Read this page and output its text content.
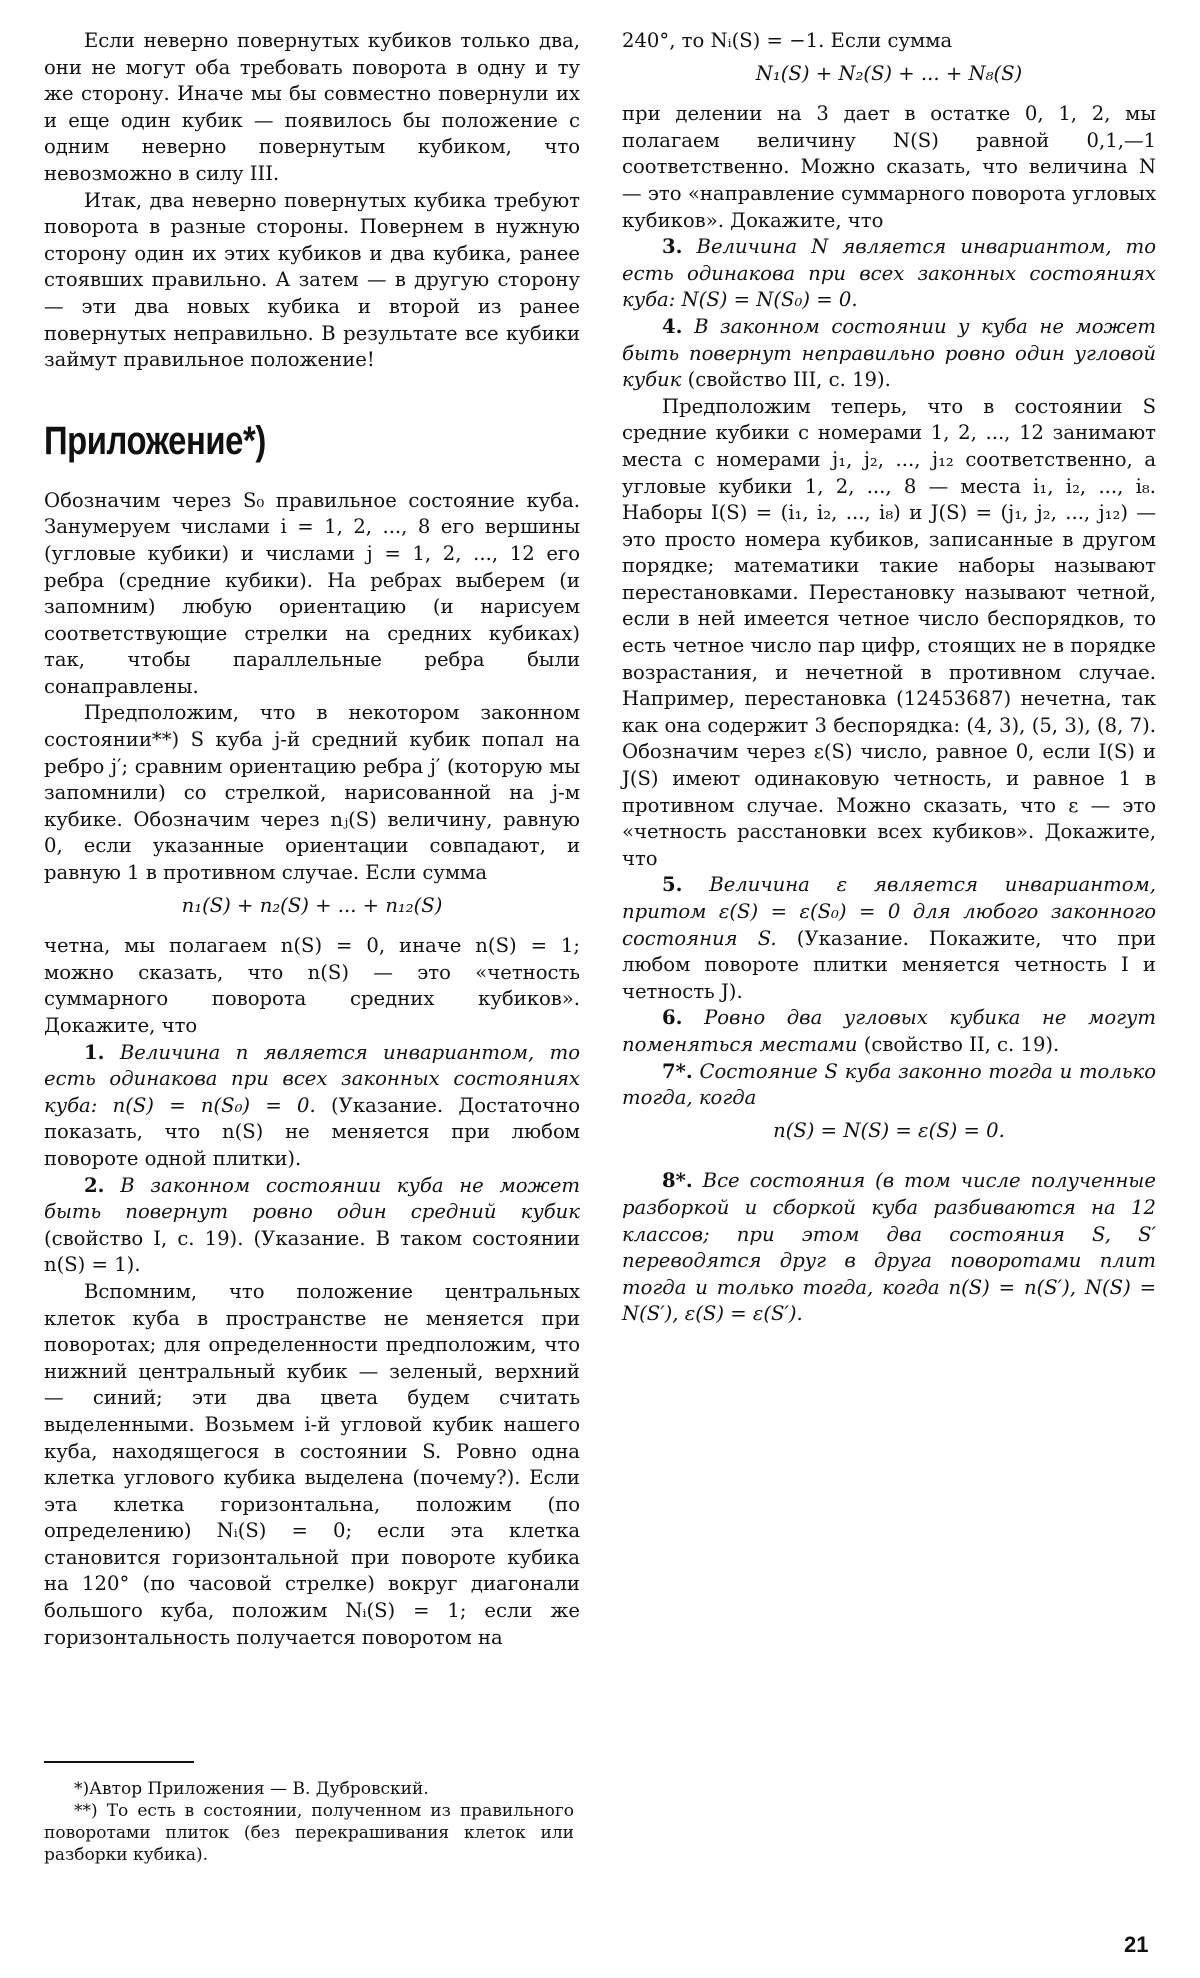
Если неверно повернутых кубиков только два, они не могут оба требовать поворота в одну и ту же сторону. Иначе мы бы совместно повернули их и еще один кубик — появилось бы положение с одним неверно повернутым кубиком, что невозможно в силу III.

Итак, два неверно повернутых кубика требуют поворота в разные стороны. Повернем в нужную сторону один их этих кубиков и два кубика, ранее стоявших правильно. А затем — в другую сторону — эти два новых кубика и второй из ранее повернутых неправильно. В результате все кубики займут правильное положение!

Приложение*)

Обозначим через S₀ правильное состояние куба. Занумеруем числами i = 1, 2, ..., 8 его вершины (угловые кубики) и числами j = 1, 2, ..., 12 его ребра (средние кубики). На ребрах выберем (и запомним) любую ориентацию (и нарисуем соответствующие стрелки на средних кубиках) так, чтобы параллельные ребра были сонаправлены.

Предположим, что в некотором законном состоянии**) S куба j-й средний кубик попал на ребро j′; сравним ориентацию ребра j′ (которую мы запомнили) со стрелкой, нарисованной на j-м кубике. Обозначим через nⱼ(S) величину, равную 0, если указанные ориентации совпадают, и равную 1 в противном случае. Если сумма

n₁(S) + n₂(S) + ... + n₁₂(S)

четна, мы полагаем n(S) = 0, иначе n(S) = 1; можно сказать, что n(S) — это «четность суммарного поворота средних кубиков». Докажите, что

1. Величина n является инвариантом, то есть одинакова при всех законных состояниях куба: n(S) = n(S₀) = 0. (Указание. Достаточно показать, что n(S) не меняется при любом повороте одной плитки).

2. В законном состоянии куба не может быть повернут ровно один средний кубик (свойство I, с. 19). (Указание. В таком состоянии n(S) = 1).

Вспомним, что положение центральных клеток куба в пространстве не меняется при поворотах; для определенности предположим, что нижний центральный кубик — зеленый, верхний — синий; эти два цвета будем считать выделенными. Возьмем i-й угловой кубик нашего куба, находящегося в состоянии S. Ровно одна клетка углового кубика выделена (почему?). Если эта клетка горизонтальна, положим (по определению) Nᵢ(S) = 0; если эта клетка становится горизонтальной при повороте кубика на 120° (по часовой стрелке) вокруг диагонали большого куба, положим Nᵢ(S) = 1; если же горизонтальность получается поворотом на

240°, то Nᵢ(S) = −1. Если сумма

N₁(S) + N₂(S) + ... + N₈(S)

при делении на 3 дает в остатке 0, 1, 2, мы полагаем величину N(S) равной 0,1,—1 соответственно. Можно сказать, что величина N — это «направление суммарного поворота угловых кубиков». Докажите, что

3. Величина N является инвариантом, то есть одинакова при всех законных состояниях куба: N(S) = N(S₀) = 0.

4. В законном состоянии у куба не может быть повернут неправильно ровно один угловой кубик (свойство III, с. 19).

Предположим теперь, что в состоянии S средние кубики с номерами 1, 2, ..., 12 занимают места с номерами j₁, j₂, ..., j₁₂ соответственно, а угловые кубики 1, 2, ..., 8 — места i₁, i₂, ..., i₈. Наборы I(S) = (i₁, i₂, ..., i₈) и J(S) = (j₁, j₂, ..., j₁₂) — это просто номера кубиков, записанные в другом порядке; математики такие наборы называют перестановками. Перестановку называют четной, если в ней имеется четное число беспорядков, то есть четное число пар цифр, стоящих не в порядке возрастания, и нечетной в противном случае. Например, перестановка (12453687) нечетна, так как она содержит 3 беспорядка: (4, 3), (5, 3), (8, 7). Обозначим через ε(S) число, равное 0, если I(S) и J(S) имеют одинаковую четность, и равное 1 в противном случае. Можно сказать, что ε — это «четность расстановки всех кубиков». Докажите, что

5. Величина ε является инвариантом, притом ε(S) = ε(S₀) = 0 для любого законного состояния S. (Указание. Покажите, что при любом повороте плитки меняется четность I и четность J).

6. Ровно два угловых кубика не могут поменяться местами (свойство II, с. 19).

7*. Состояние S куба законно тогда и только тогда, когда

n(S) = N(S) = ε(S) = 0.

8*. Все состояния (в том числе полученные разборкой и сборкой куба разбиваются на 12 классов; при этом два состояния S, S′ переводятся друг в друга поворотами плит тогда и только тогда, когда n(S) = n(S′), N(S) = N(S′), ε(S) = ε(S′).

*)Автор Приложения — В. Дубровский.

**) То есть в состоянии, полученном из правильного поворотами плиток (без перекрашивания клеток или разборки кубика).

21
